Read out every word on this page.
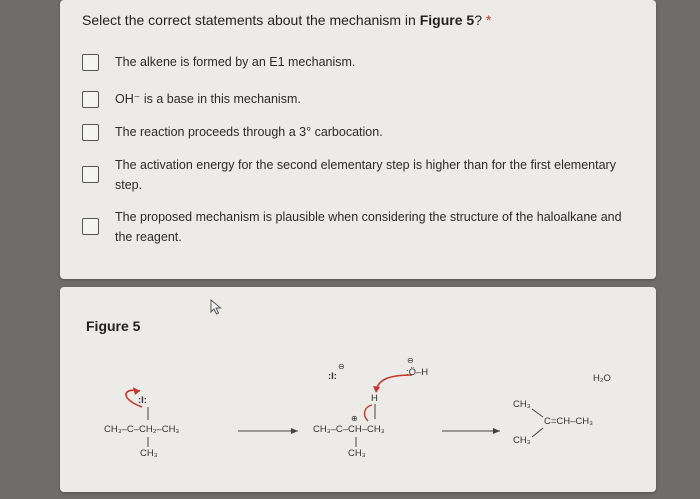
Select the correct statements about the mechanism in Figure 5? *
The alkene is formed by an E1 mechanism.
OH⁻ is a base in this mechanism.
The reaction proceeds through a 3° carbocation.
The activation energy for the second elementary step is higher than for the first elementary step.
The proposed mechanism is plausible when considering the structure of the haloalkane and the reagent.
Figure 5
:I:
CH₃–C–CH₂–CH₃
CH₃
⊖
:I:
⊖
:Ö–H
H
⊕
CH₃–C–CH–CH₃
CH₃
H₂O
CH₃
C=CH–CH₃
CH₃
